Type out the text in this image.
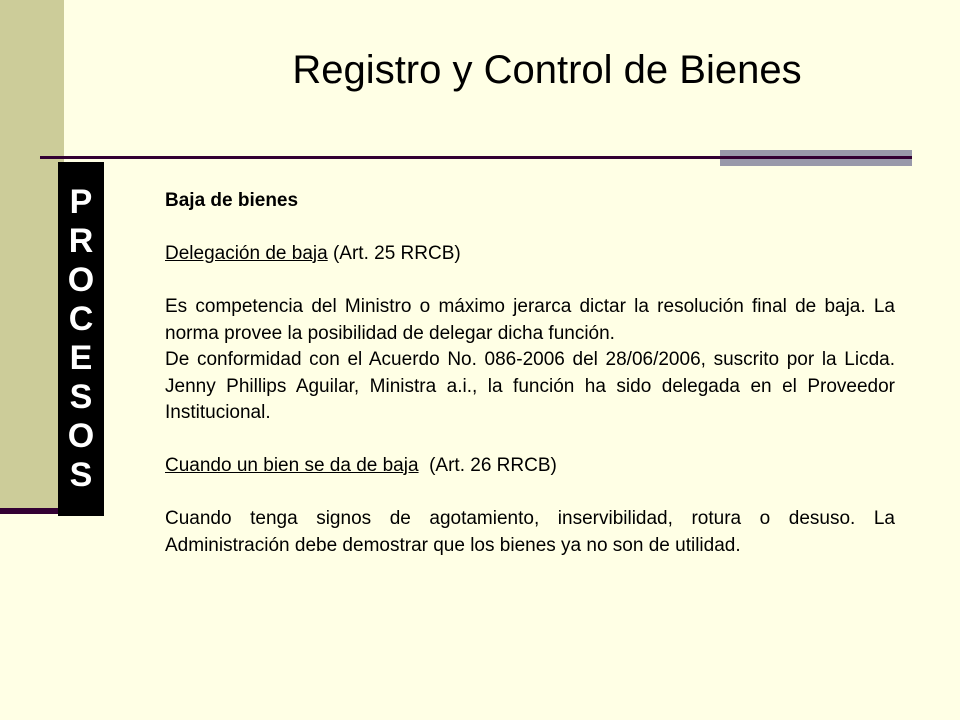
Registro y Control de Bienes
P
R
O
C
E
S
O
S

Baja de bienes

Delegación de baja (Art. 25 RRCB)

Es competencia del Ministro o máximo jerarca dictar la resolución final de baja. La norma provee la posibilidad de delegar dicha función.

De conformidad con el Acuerdo No. 086-2006 del 28/06/2006, suscrito por la Licda. Jenny Phillips Aguilar, Ministra a.i., la función ha sido delegada en el Proveedor Institucional.

Cuando un bien se da de baja  (Art. 26 RRCB)

Cuando tenga signos de agotamiento, inservibilidad, rotura o desuso. La Administración debe demostrar que los bienes ya no son de utilidad.
